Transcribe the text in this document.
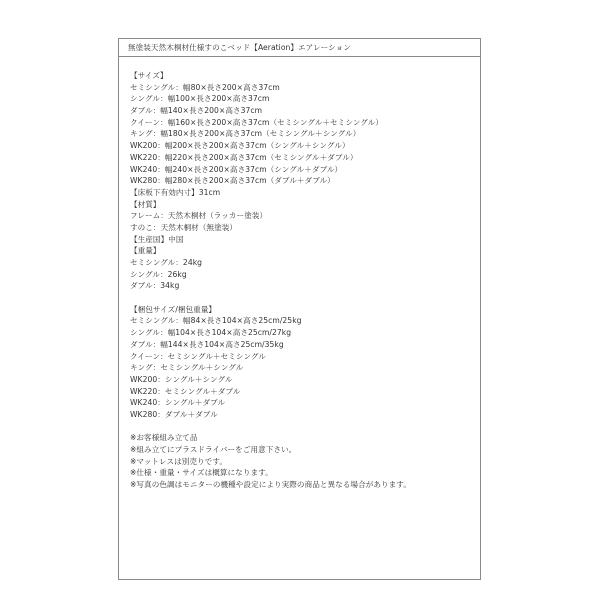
無塗装天然木桐材仕様すのこベッド【Aeration】エアレーション
【サイズ】
セミシングル：幅80×長さ200×高さ37cm
シングル：幅100×長さ200×高さ37cm
ダブル：幅140×長さ200×高さ37cm
クイーン：幅160×長さ200×高さ37cm（セミシングル＋セミシングル）
キング：幅180×長さ200×高さ37cm（セミシングル＋シングル）
WK200：幅200×長さ200×高さ37cm（シングル＋シングル）
WK220：幅220×長さ200×高さ37cm（セミシングル＋ダブル）
WK240：幅240×長さ200×高さ37cm（シングル＋ダブル）
WK280：幅280×長さ200×高さ37cm（ダブル＋ダブル）
【床板下有効内寸】31cm
【材質】
フレーム：天然木桐材（ラッカー塗装）
すのこ：天然木桐材（無塗装）
【生産国】中国
【重量】
セミシングル：24kg
シングル：26kg
ダブル：34kg
【梱包サイズ/梱包重量】
セミシングル：幅84×長さ104×高さ25cm/25kg
シングル：幅104×長さ104×高さ25cm/27kg
ダブル：幅144×長さ104×高さ25cm/35kg
クイーン：セミシングル＋セミシングル
キング：セミシングル＋シングル
WK200：シングル＋シングル
WK220：セミシングル＋ダブル
WK240：シングル＋ダブル
WK280：ダブル＋ダブル
※お客様組み立て品
※組み立てにプラスドライバーをご用意下さい。
※マットレスは別売りです。
※仕様・重量・サイズは概算になります。
※写真の色調はモニターの機種や設定により実際の商品と異なる場合があります。
